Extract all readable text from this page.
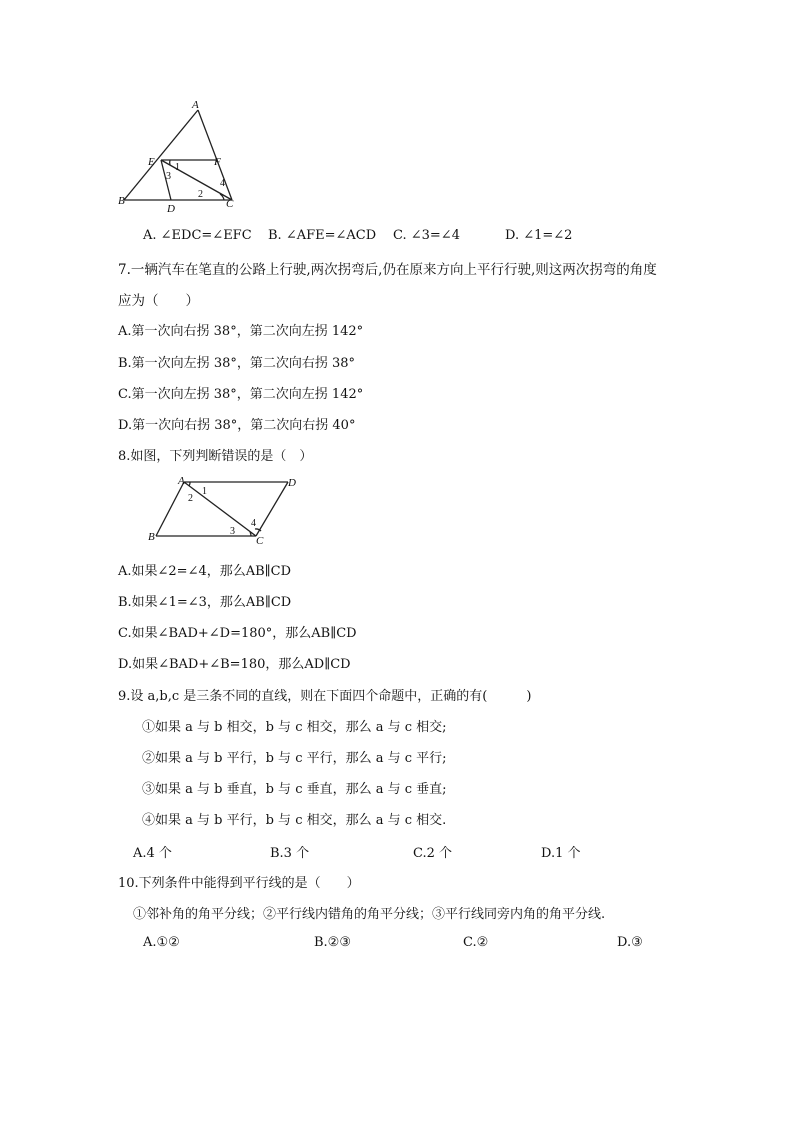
A
B	C
D
E	F
1
3
2
4
A. ∠EDC=∠EFC B. ∠AFE=∠ACD C. ∠3=∠4	D. ∠1=∠2
7.一辆汽车在笔直的公路上行驶,两次拐弯后,仍在原来方向上平行行驶,则这两次拐弯的角度
应为（　　）
A.第一次向右拐 38°，第二次向左拐 142°
B.第一次向左拐 38°，第二次向右拐 38°
C.第一次向左拐 38°，第二次向左拐 142°
D.第一次向右拐 38°，第二次向右拐 40°
8.如图，下列判断错误的是（　）
A
B	C
D
1
2
3
4
A.如果∠2=∠4，那么AB∥CD
B.如果∠1=∠3，那么AB∥CD
C.如果∠BAD+∠D=180°，那么AB∥CD
D.如果∠BAD+∠B=180，那么AD∥CD
9.设 a,b,c 是三条不同的直线，则在下面四个命题中，正确的有(　　　)
①如果 a 与 b 相交，b 与 c 相交，那么 a 与 c 相交;
②如果 a 与 b 平行，b 与 c 平行，那么 a 与 c 平行;
③如果 a 与 b 垂直，b 与 c 垂直，那么 a 与 c 垂直;
④如果 a 与 b 平行，b 与 c 相交，那么 a 与 c 相交.
A.4 个	B.3 个	C.2 个	D.1 个
10.下列条件中能得到平行线的是（　　）
①邻补角的角平分线；②平行线内错角的角平分线；③平行线同旁内角的角平分线.
A.①②	B.②③	C.②	D.③
